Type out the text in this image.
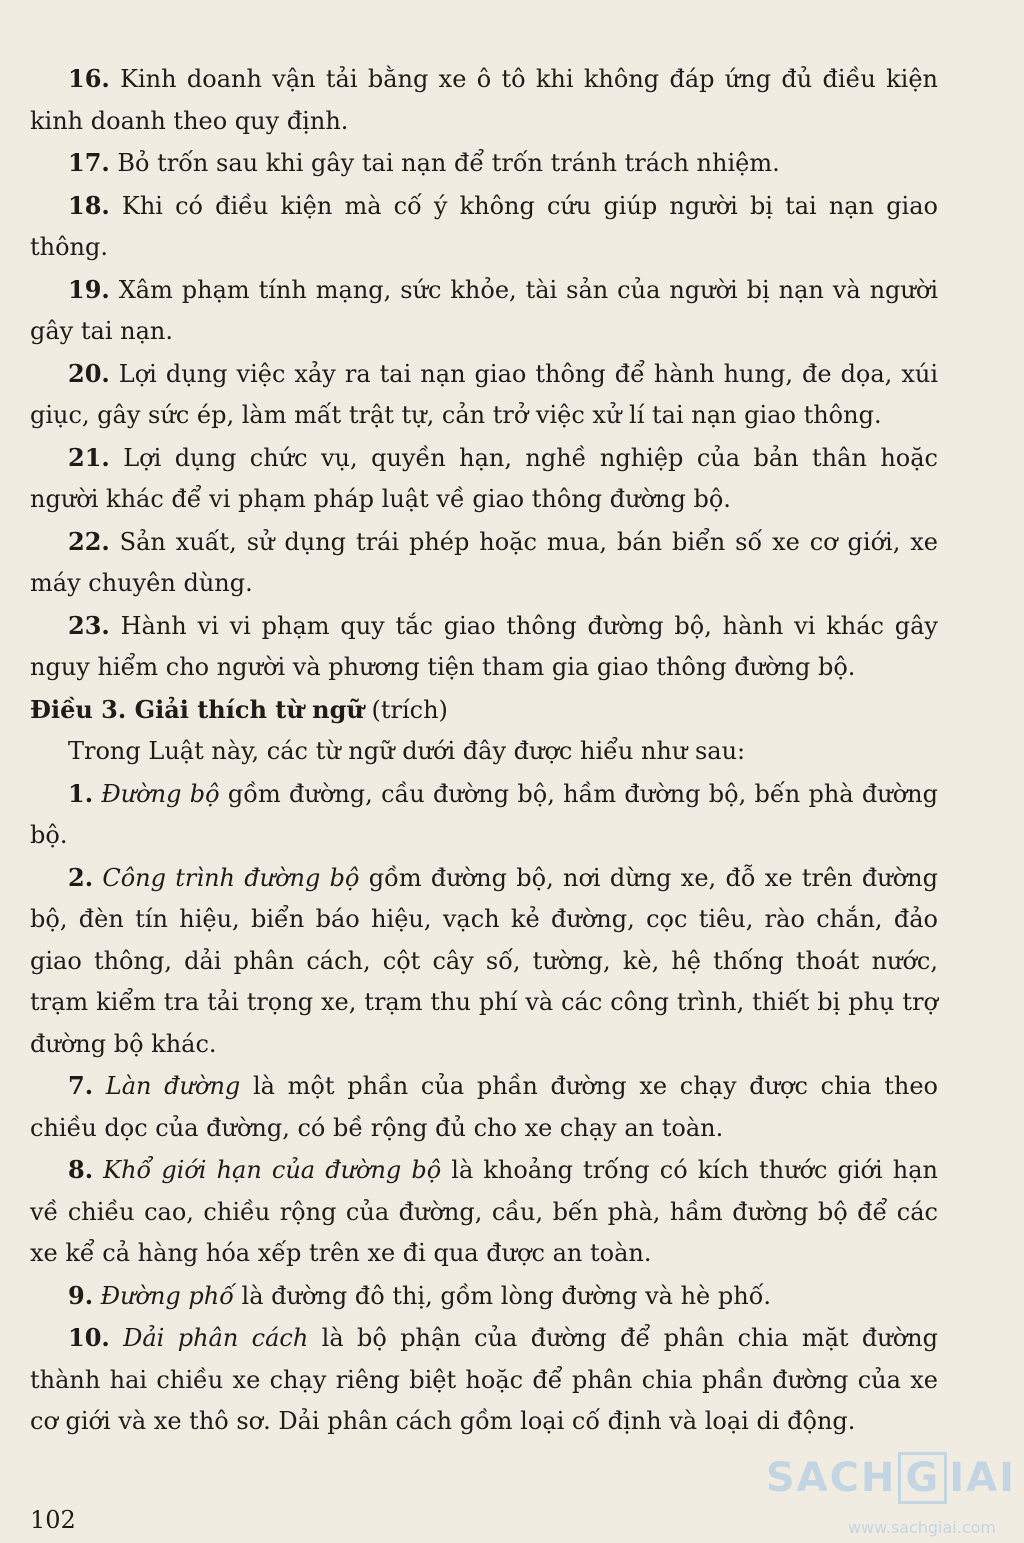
16. Kinh doanh vận tải bằng xe ô tô khi không đáp ứng đủ điều kiện kinh doanh theo quy định.

17. Bỏ trốn sau khi gây tai nạn để trốn tránh trách nhiệm.

18. Khi có điều kiện mà cố ý không cứu giúp người bị tai nạn giao thông.

19. Xâm phạm tính mạng, sức khỏe, tài sản của người bị nạn và người gây tai nạn.

20. Lợi dụng việc xảy ra tai nạn giao thông để hành hung, đe dọa, xúi giục, gây sức ép, làm mất trật tự, cản trở việc xử lí tai nạn giao thông.

21. Lợi dụng chức vụ, quyền hạn, nghề nghiệp của bản thân hoặc người khác để vi phạm pháp luật về giao thông đường bộ.

22. Sản xuất, sử dụng trái phép hoặc mua, bán biển số xe cơ giới, xe máy chuyên dùng.

23. Hành vi vi phạm quy tắc giao thông đường bộ, hành vi khác gây nguy hiểm cho người và phương tiện tham gia giao thông đường bộ.

Điều 3. Giải thích từ ngữ (trích)

Trong Luật này, các từ ngữ dưới đây được hiểu như sau:

1. Đường bộ gồm đường, cầu đường bộ, hầm đường bộ, bến phà đường bộ.

2. Công trình đường bộ gồm đường bộ, nơi dừng xe, đỗ xe trên đường bộ, đèn tín hiệu, biển báo hiệu, vạch kẻ đường, cọc tiêu, rào chắn, đảo giao thông, dải phân cách, cột cây số, tường, kè, hệ thống thoát nước, trạm kiểm tra tải trọng xe, trạm thu phí và các công trình, thiết bị phụ trợ đường bộ khác.

7. Làn đường là một phần của phần đường xe chạy được chia theo chiều dọc của đường, có bề rộng đủ cho xe chạy an toàn.

8. Khổ giới hạn của đường bộ là khoảng trống có kích thước giới hạn về chiều cao, chiều rộng của đường, cầu, bến phà, hầm đường bộ để các xe kể cả hàng hóa xếp trên xe đi qua được an toàn.

9. Đường phố là đường đô thị, gồm lòng đường và hè phố.

10. Dải phân cách là bộ phận của đường để phân chia mặt đường thành hai chiều xe chạy riêng biệt hoặc để phân chia phần đường của xe cơ giới và xe thô sơ. Dải phân cách gồm loại cố định và loại di động.

102
SACH G IAI
www.sachgiai.com
